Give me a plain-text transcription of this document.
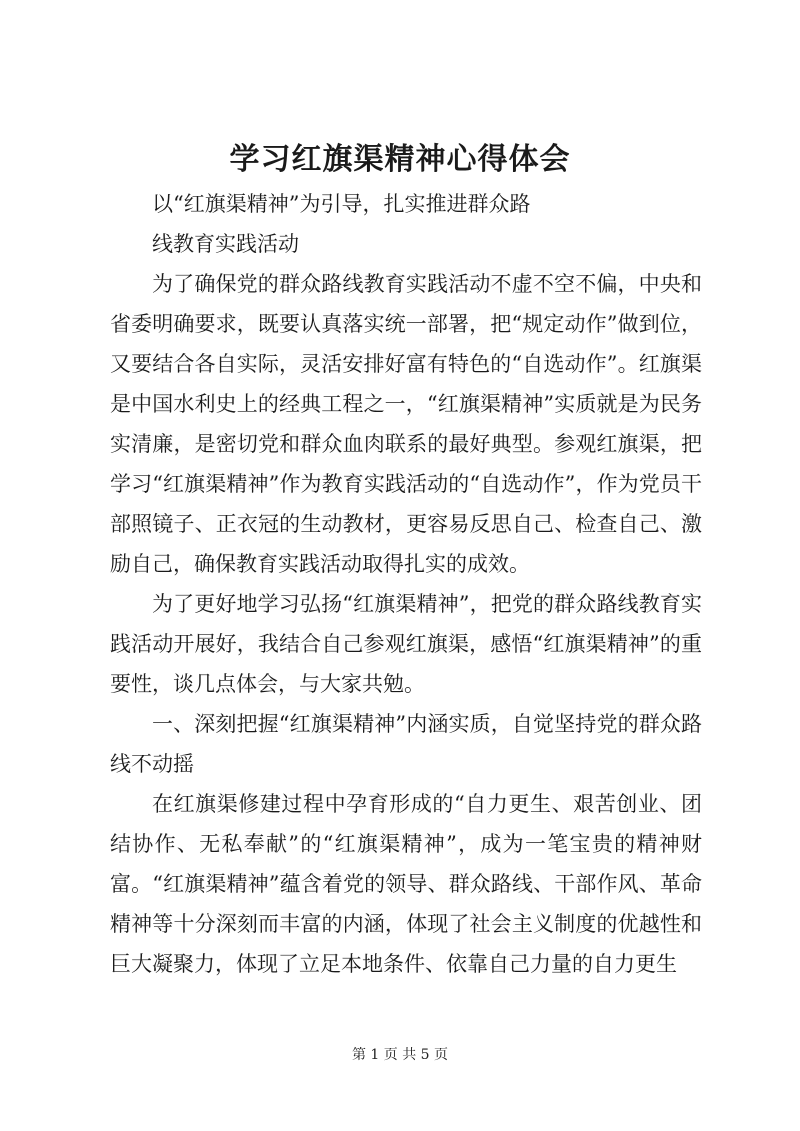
学习红旗渠精神心得体会
以“红旗渠精神”为引导，扎实推进群众路
线教育实践活动

为了确保党的群众路线教育实践活动不虚不空不偏，中央和省委明确要求，既要认真落实统一部署，把“规定动作”做到位，又要结合各自实际，灵活安排好富有特色的“自选动作”。红旗渠是中国水利史上的经典工程之一，“红旗渠精神”实质就是为民务实清廉，是密切党和群众血肉联系的最好典型。参观红旗渠，把学习“红旗渠精神”作为教育实践活动的“自选动作”，作为党员干部照镜子、正衣冠的生动教材，更容易反思自己、检查自己、激励自己，确保教育实践活动取得扎实的成效。

为了更好地学习弘扬“红旗渠精神”，把党的群众路线教育实践活动开展好，我结合自己参观红旗渠，感悟“红旗渠精神”的重要性，谈几点体会，与大家共勉。

一、深刻把握“红旗渠精神”内涵实质，自觉坚持党的群众路线不动摇

在红旗渠修建过程中孕育形成的“自力更生、艰苦创业、团结协作、无私奉献”的“红旗渠精神”，成为一笔宝贵的精神财富。“红旗渠精神”蕴含着党的领导、群众路线、干部作风、革命精神等十分深刻而丰富的内涵，体现了社会主义制度的优越性和巨大凝聚力，体现了立足本地条件、依靠自己力量的自力更生

第 1 页 共 5 页
